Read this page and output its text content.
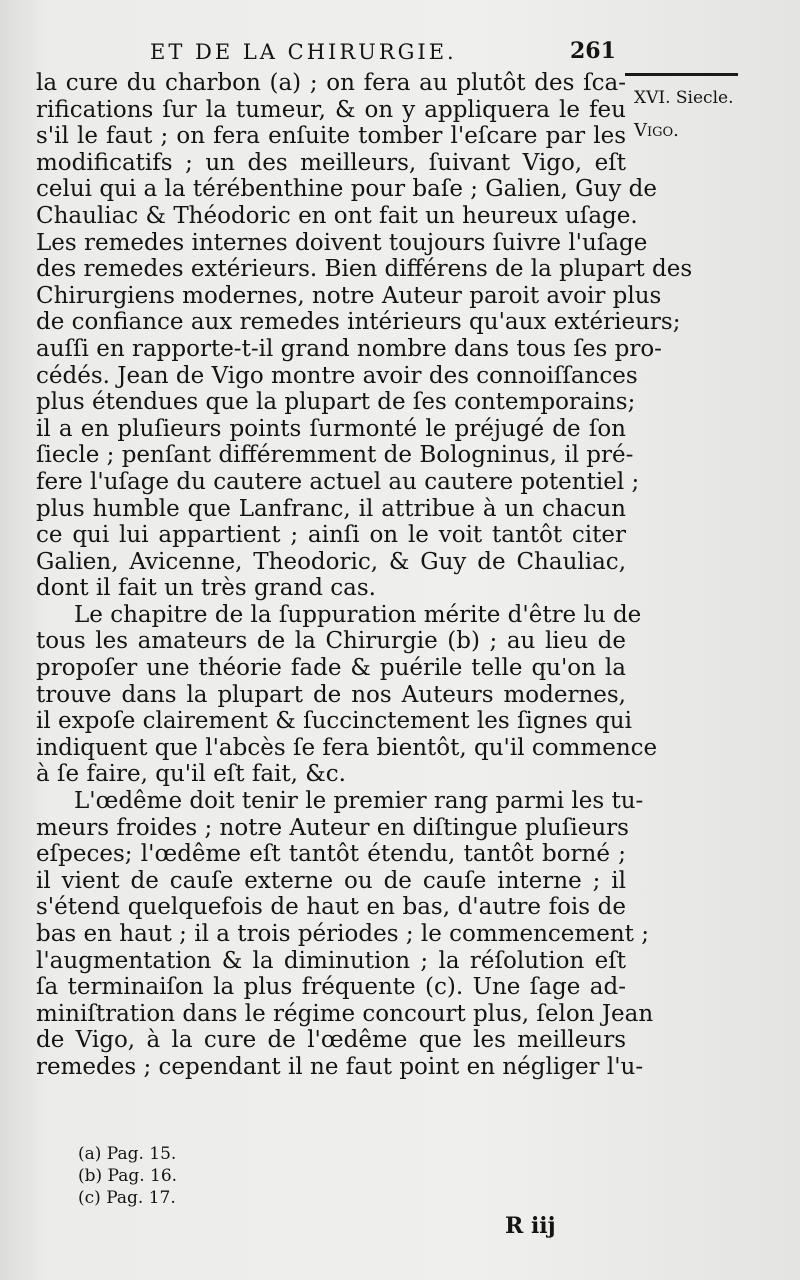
ET DE LA CHIRURGIE.	261
XVI. Siecle.
Vigo.
la cure du charbon (a) ; on fera au plutôt des ſca-
rifications ſur la tumeur, & on y appliquera le feu
s'il le faut ; on fera enſuite tomber l'eſcare par les
modificatifs ; un des meilleurs, ſuivant Vigo, eſt
celui qui a la térébenthine pour baſe ; Galien, Guy de
Chauliac & Théodoric en ont fait un heureux uſage.
Les remedes internes doivent toujours ſuivre l'uſage
des remedes extérieurs. Bien différens de la plupart des
Chirurgiens modernes, notre Auteur paroit avoir plus
de confiance aux remedes intérieurs qu'aux extérieurs;
auſſi en rapporte-t-il grand nombre dans tous ſes pro-
cédés. Jean de Vigo montre avoir des connoiſſances
plus étendues que la plupart de ſes contemporains;
il a en pluſieurs points ſurmonté le préjugé de ſon
ſiecle ; penſant différemment de Bologninus, il pré-
fere l'uſage du cautere actuel au cautere potentiel ;
plus humble que Lanfranc, il attribue à un chacun
ce qui lui appartient ; ainſi on le voit tantôt citer
Galien, Avicenne, Theodoric, & Guy de Chauliac,
dont il fait un très grand cas.
Le chapitre de la ſuppuration mérite d'être lu de
tous les amateurs de la Chirurgie (b) ; au lieu de
propoſer une théorie fade & puérile telle qu'on la
trouve dans la plupart de nos Auteurs modernes,
il expoſe clairement & ſuccinctement les ſignes qui
indiquent que l'abcès ſe fera bientôt, qu'il commence
à ſe faire, qu'il eſt fait, &c.
L'œdême doit tenir le premier rang parmi les tu-
meurs froides ; notre Auteur en diſtingue pluſieurs
eſpeces; l'œdême eſt tantôt étendu, tantôt borné ;
il vient de cauſe externe ou de cauſe interne ; il
s'étend quelquefois de haut en bas, d'autre fois de
bas en haut ; il a trois périodes ; le commencement ;
l'augmentation & la diminution ; la réſolution eſt
ſa terminaiſon la plus fréquente (c). Une ſage ad-
miniſtration dans le régime concourt plus, ſelon Jean
de Vigo, à la cure de l'œdême que les meilleurs
remedes ; cependant il ne faut point en négliger l'u-
(a) Pag. 15.
(b) Pag. 16.
(c) Pag. 17.
R iij
